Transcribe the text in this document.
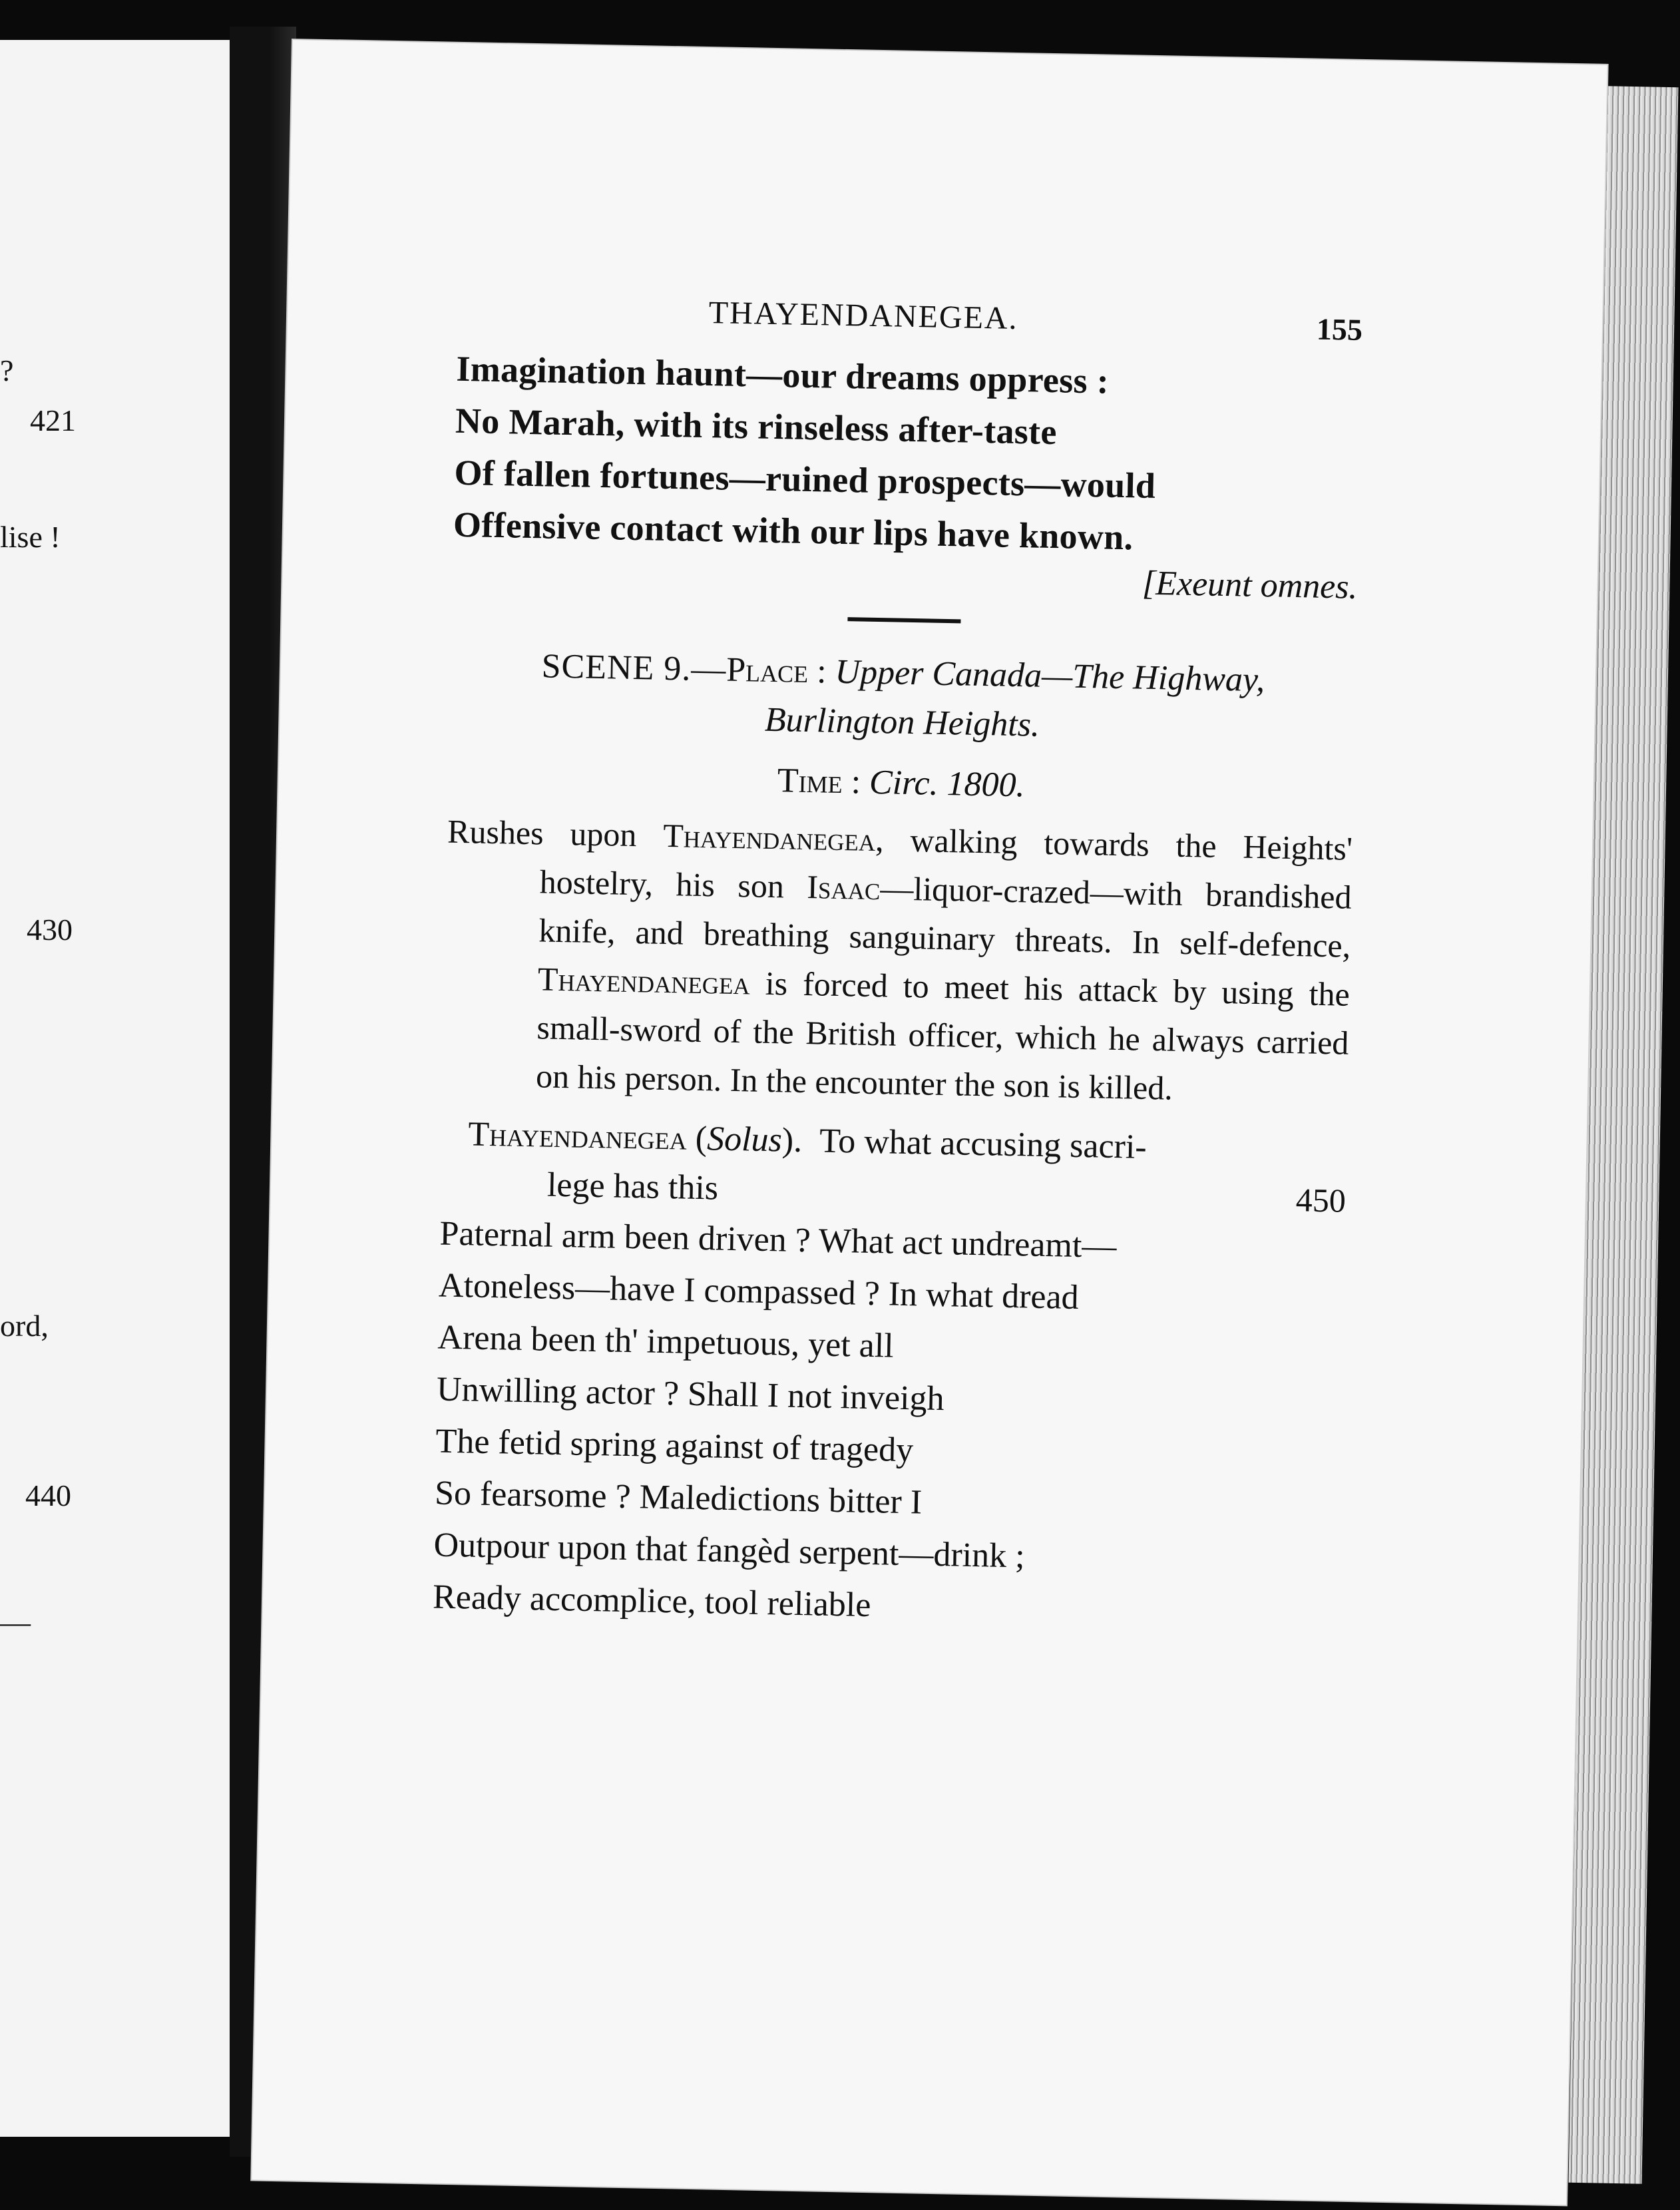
?
421
lise !
430
ord,
440
—
THAYENDANEGEA.	155
Imagination haunt—our dreams oppress :
No Marah, with its rinseless after-taste
Of fallen fortunes—ruined prospects—would
Offensive contact with our lips have known.
[Exeunt omnes.
SCENE 9.—Place : Upper Canada—The Highway,
Burlington Heights.
Time : Circ. 1800.
Rushes upon Thayendanegea, walking towards the Heights' hostelry, his son Isaac—liquor-crazed—with brandished knife, and breathing sanguinary threats. In self-defence, Thayendanegea is forced to meet his attack by using the small-sword of the British officer, which he always carried on his person. In the encounter the son is killed.
Thayendanegea (Solus).  To what accusing sacri-
lege has this	450
Paternal arm been driven ? What act undreamt—
Atoneless—have I compassed ? In what dread
Arena been th' impetuous, yet all
Unwilling actor ? Shall I not inveigh
The fetid spring against of tragedy
So fearsome ? Maledictions bitter I
Outpour upon that fangèd serpent—drink ;
Ready accomplice, tool reliable
